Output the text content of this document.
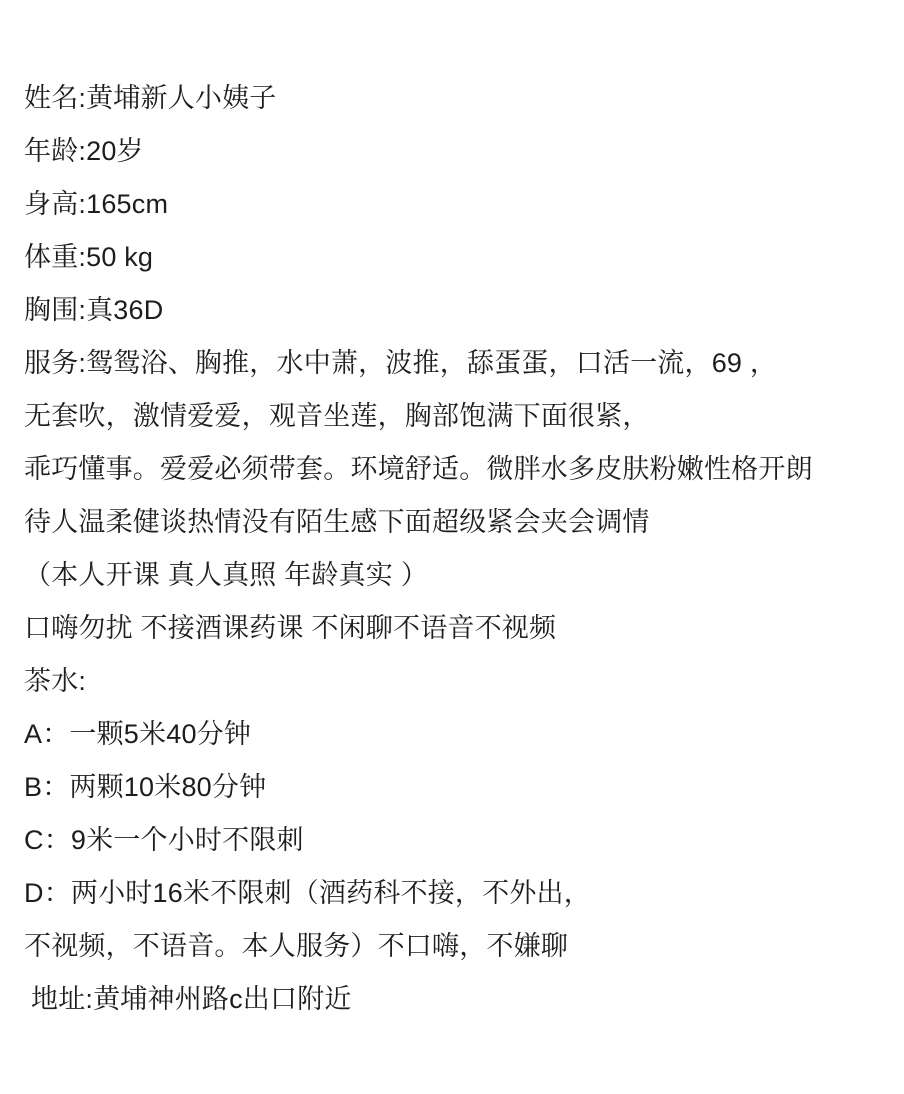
姓名:黄埔新人小姨子
年龄:20岁
身高:165cm
体重:50 kg
胸围:真36D
服务:鸳鸳浴、胸推，水中萧，波推，舔蛋蛋，口活一流，69 ，
无套吹，激情爱爱，观音坐莲，胸部饱满下面很紧，
乖巧懂事。爱爱必须带套。环境舒适。微胖水多皮肤粉嫩性格开朗
待人温柔健谈热情没有陌生感下面超级紧会夹会调情
（本人开课 真人真照 年龄真实 ）
口嗨勿扰 不接酒课药课 不闲聊不语音不视频
茶水:
A：一颗5米40分钟
B：两颗10米80分钟
C：9米一个小时不限刺
D：两小时16米不限刺（酒药科不接，不外出，
不视频，不语音。本人服务）不口嗨，不嫌聊
地址:黄埔神州路c出口附近
